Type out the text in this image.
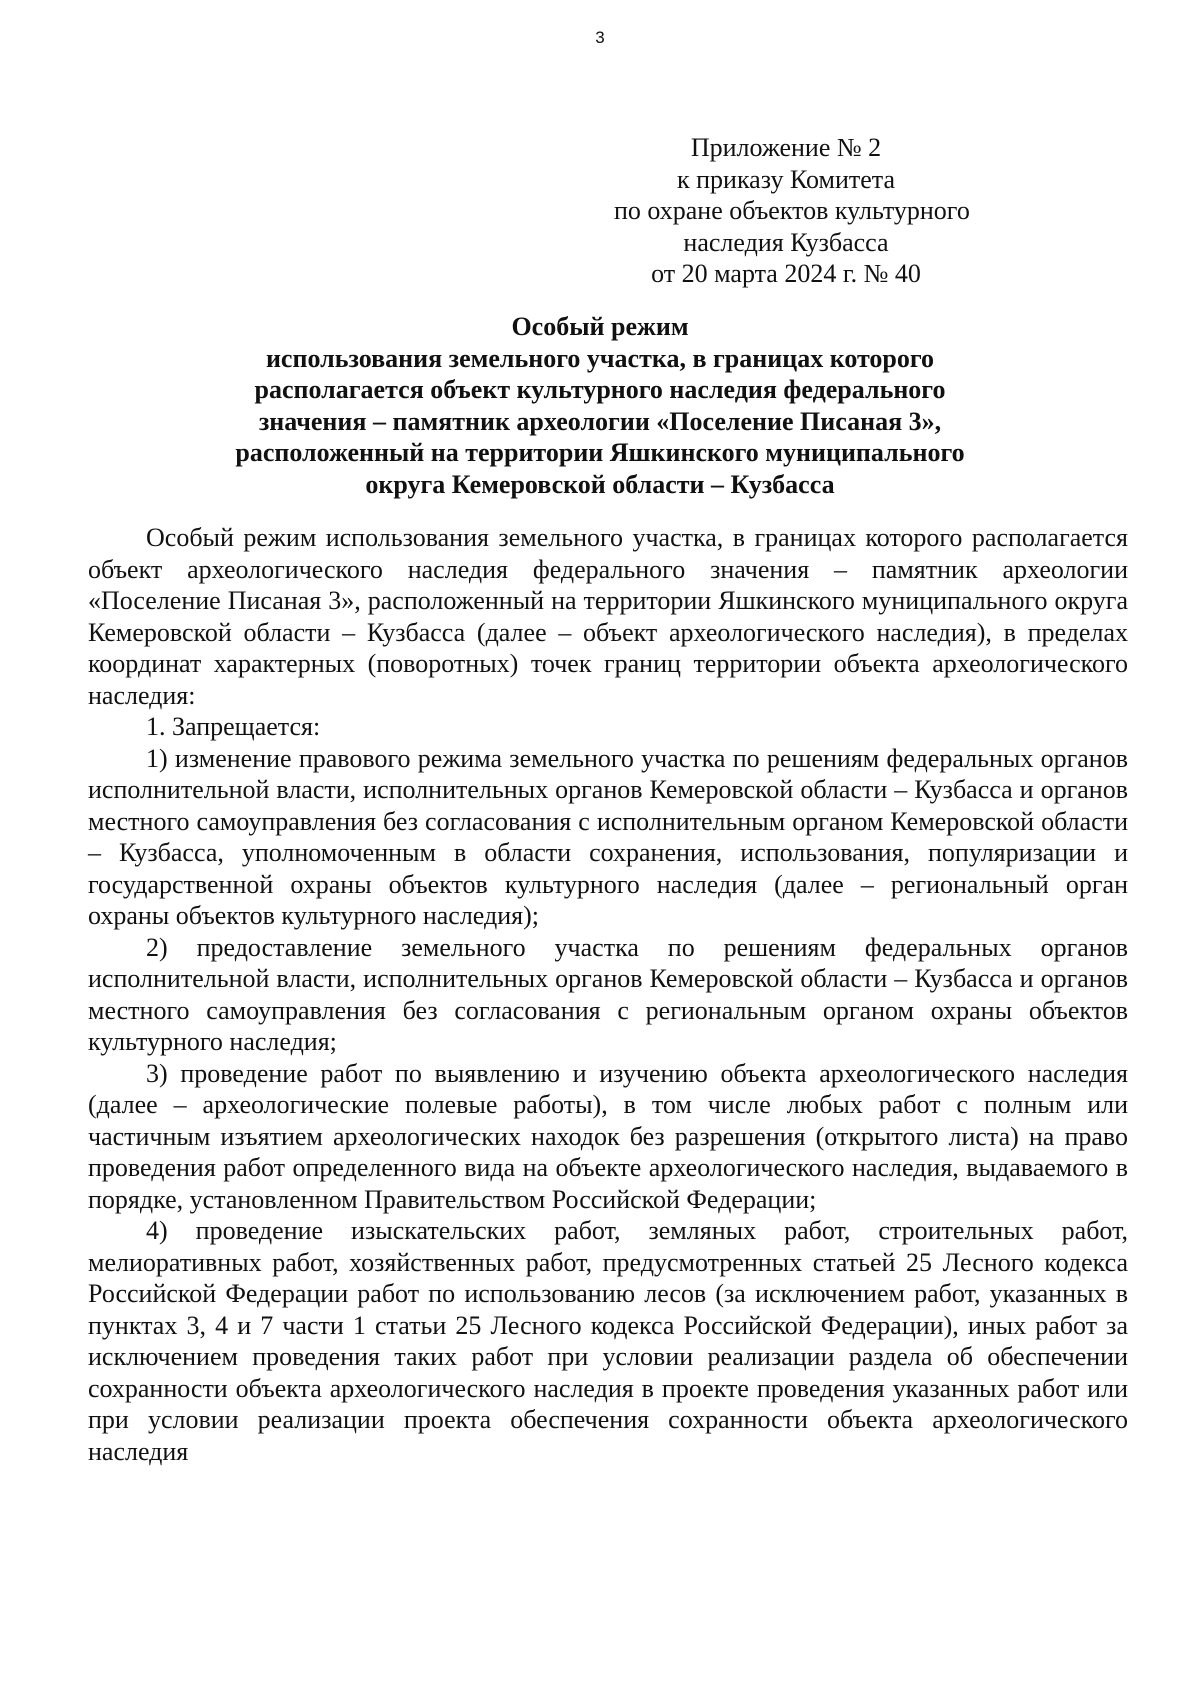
3
Приложение № 2
к приказу Комитета
по охране объектов культурного
наследия Кузбасса
от 20 марта 2024 г. № 40
Особый режим
использования земельного участка, в границах которого
располагается объект культурного наследия федерального
значения – памятник археологии «Поселение Писаная 3»,
расположенный на территории Яшкинского муниципального
округа Кемеровской области – Кузбасса

Особый режим использования земельного участка, в границах которого располагается объект археологического наследия федерального значения – памятник археологии «Поселение Писаная 3», расположенный на территории Яшкинского муниципального округа Кемеровской области – Кузбасса (далее – объект археологического наследия), в пределах координат характерных (поворотных) точек границ территории объекта археологического наследия:

1. Запрещается:

1) изменение правового режима земельного участка по решениям федеральных органов исполнительной власти, исполнительных органов Кемеровской области – Кузбасса и органов местного самоуправления без согласования с исполнительным органом Кемеровской области – Кузбасса, уполномоченным в области сохранения, использования, популяризации и государственной охраны объектов культурного наследия (далее – региональный орган охраны объектов культурного наследия);

2) предоставление земельного участка по решениям федеральных органов исполнительной власти, исполнительных органов Кемеровской области – Кузбасса и органов местного самоуправления без согласования с региональным органом охраны объектов культурного наследия;

3) проведение работ по выявлению и изучению объекта археологического наследия (далее – археологические полевые работы), в том числе любых работ с полным или частичным изъятием археологических находок без разрешения (открытого листа) на право проведения работ определенного вида на объекте археологического наследия, выдаваемого в порядке, установленном Правительством Российской Федерации;

4) проведение изыскательских работ, земляных работ, строительных работ, мелиоративных работ, хозяйственных работ, предусмотренных статьей 25 Лесного кодекса Российской Федерации работ по использованию лесов (за исключением работ, указанных в пунктах 3, 4 и 7 части 1 статьи 25 Лесного кодекса Российской Федерации), иных работ за исключением проведения таких работ при условии реализации раздела об обеспечении сохранности объекта археологического наследия в проекте проведения указанных работ или при условии реализации проекта обеспечения сохранности объекта археологического наследия
